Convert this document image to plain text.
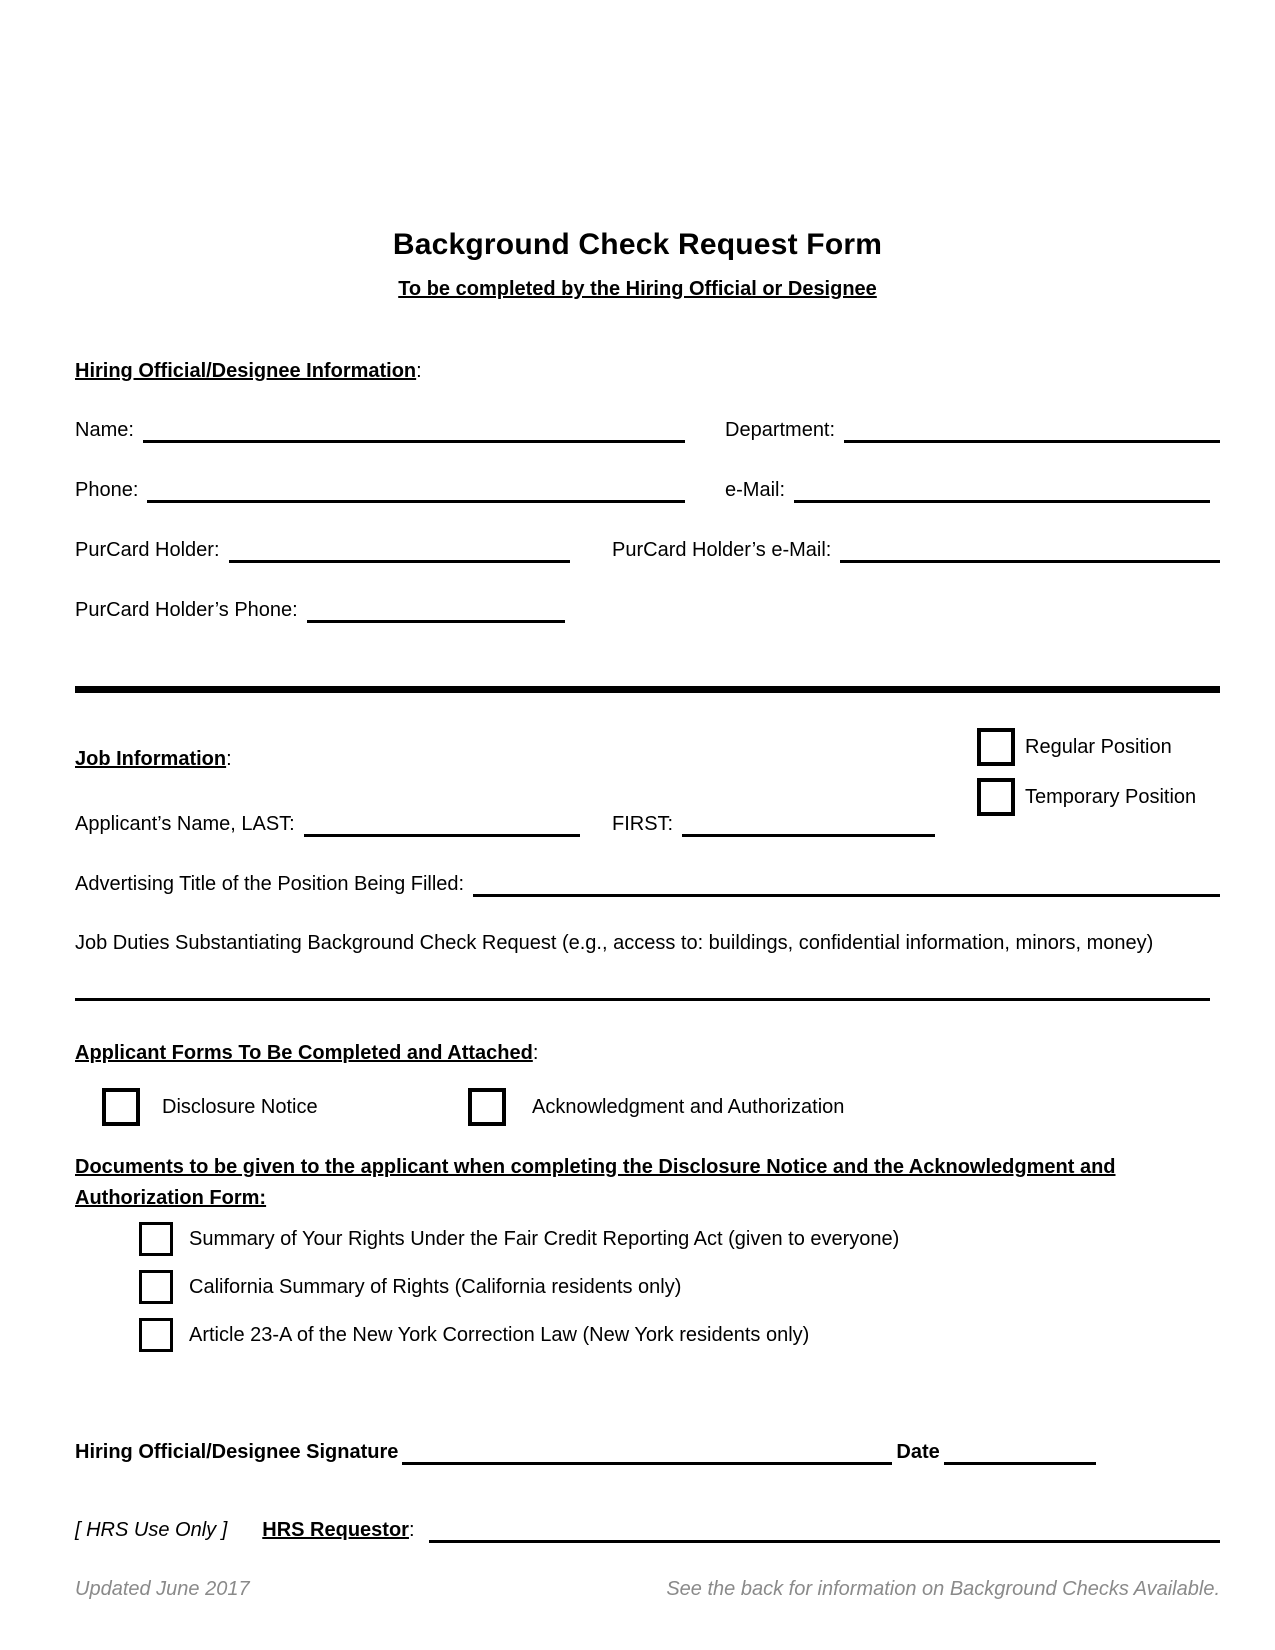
Background Check Request Form
To be completed by the Hiring Official or Designee
Hiring Official/Designee Information:
Name:	Department:
Phone:	e-Mail:
PurCard Holder:	PurCard Holder’s e-Mail:
PurCard Holder’s Phone:
Job Information:
Regular Position
Temporary Position
Applicant’s Name, LAST:	FIRST:
Advertising Title of the Position Being Filled:
Job Duties Substantiating Background Check Request (e.g., access to: buildings, confidential information, minors, money)
Applicant Forms To Be Completed and Attached:
Disclosure Notice	Acknowledgment and Authorization
Documents to be given to the applicant when completing the Disclosure Notice and the Acknowledgment and Authorization Form:
Summary of Your Rights Under the Fair Credit Reporting Act (given to everyone)
California Summary of Rights (California residents only)
Article 23-A of the New York Correction Law (New York residents only)
Hiring Official/Designee Signature	Date
[ HRS Use Only ] HRS Requestor:
Updated June 2017	See the back for information on Background Checks Available.
